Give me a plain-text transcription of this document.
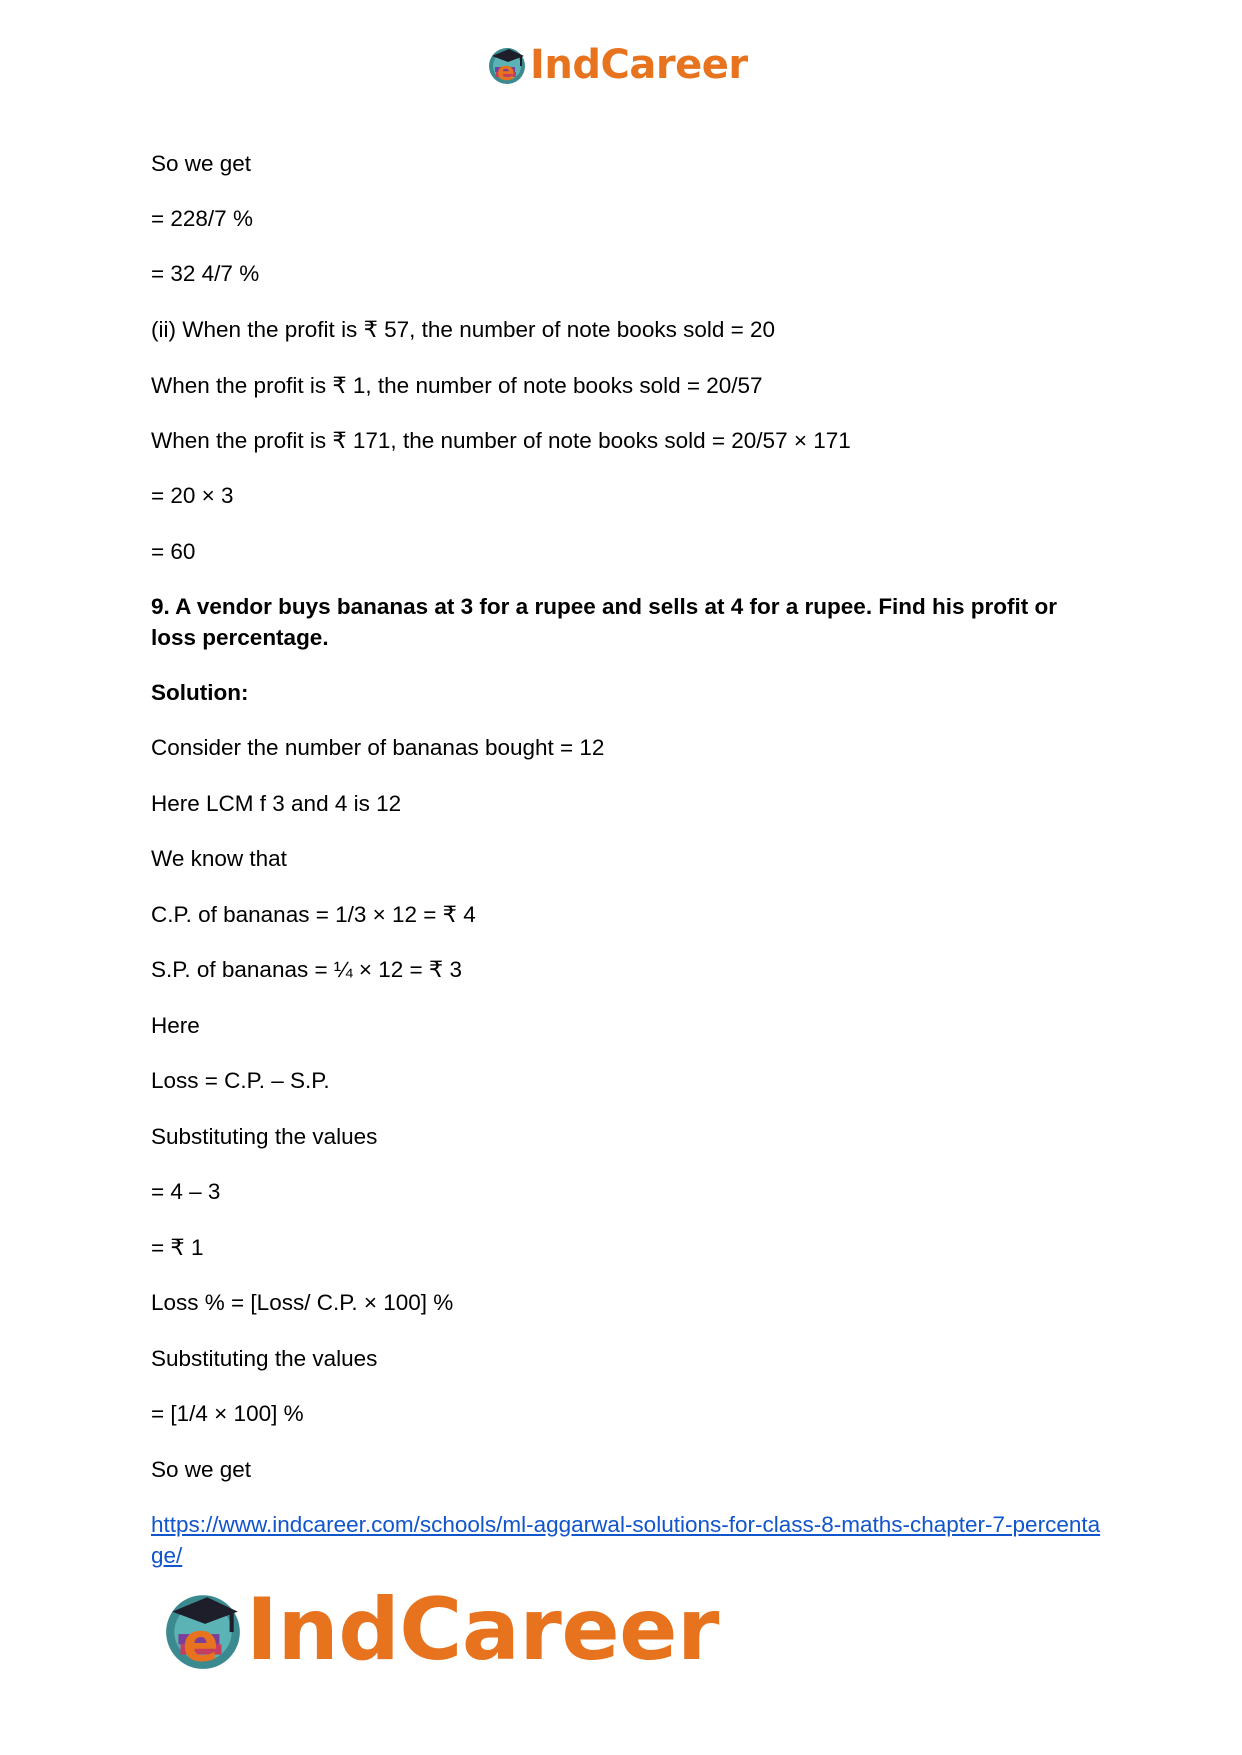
e IndCareer
So we get
= 228/7 %
= 32 4/7 %
(ii) When the profit is ₹ 57, the number of note books sold = 20
When the profit is ₹ 1, the number of note books sold = 20/57
When the profit is ₹ 171, the number of note books sold = 20/57 × 171
= 20 × 3
= 60
9. A vendor buys bananas at 3 for a rupee and sells at 4 for a rupee. Find his profit or loss percentage.
Solution:
Consider the number of bananas bought = 12
Here LCM f 3 and 4 is 12
We know that
C.P. of bananas = 1/3 × 12 = ₹ 4
S.P. of bananas = ¼ × 12 = ₹ 3
Here
Loss = C.P. – S.P.
Substituting the values
= 4 – 3
= ₹ 1
Loss % = [Loss/ C.P. × 100] %
Substituting the values
= [1/4 × 100] %
So we get
https://www.indcareer.com/schools/ml-aggarwal-solutions-for-class-8-maths-chapter-7-percentage/
e IndCareer
